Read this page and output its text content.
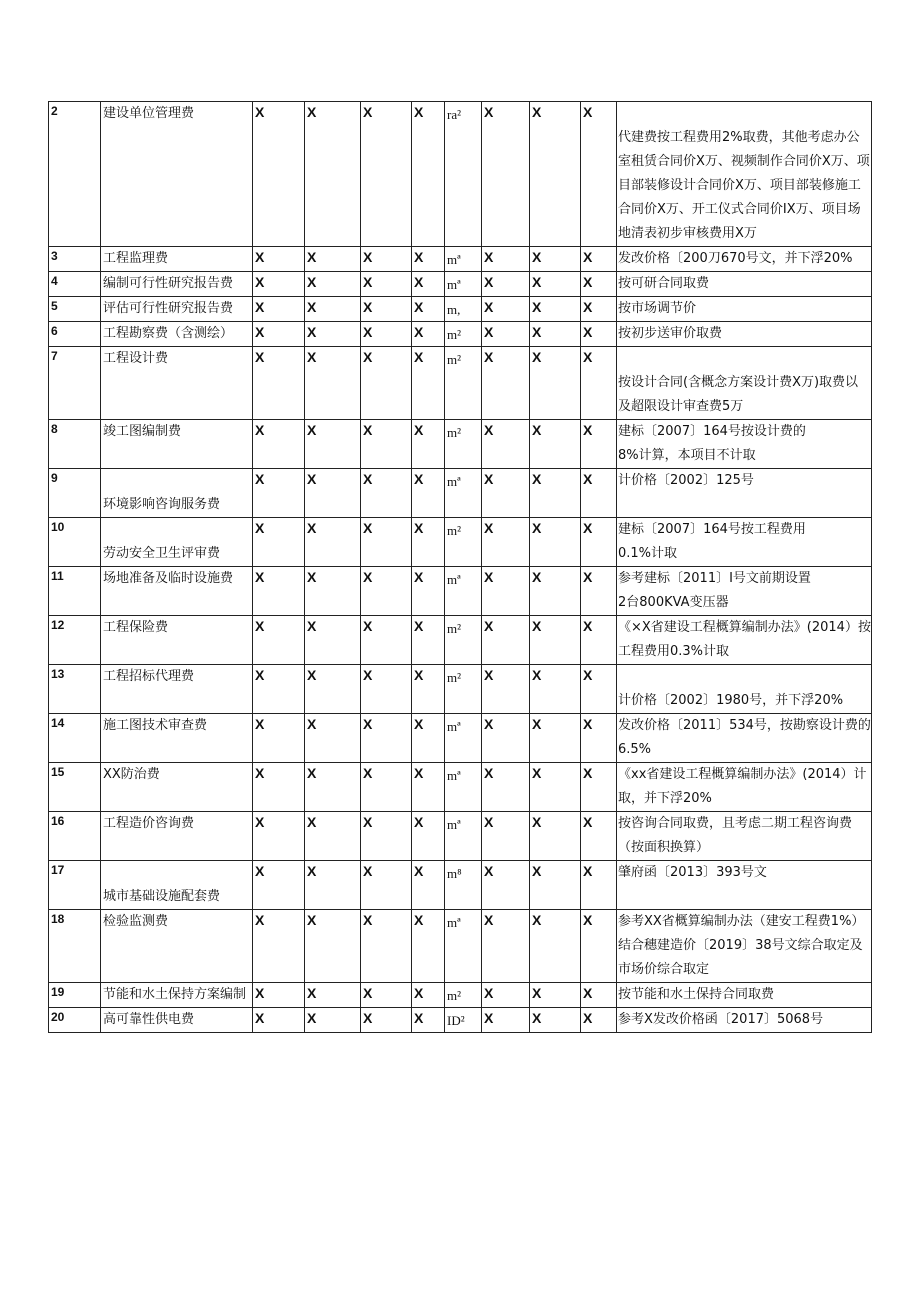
2	建设单位管理费	X	X	X	X	ra²	X	X	X	代建费按工程费用2%取费，其他考虑办公室租赁合同价X万、视频制作合同价X万、项目部装修设计合同价X万、项目部装修施工合同价X万、开工仪式合同价IX万、项目场地清表初步审核费用X万
3	工程监理费	X	X	X	X	mª	X	X	X	发改价格〔200刀670号文，并下浮20%
4	编制可行性研究报告费	X	X	X	X	mª	X	X	X	按可研合同取费
5	评估可行性研究报告费	X	X	X	X	m,	X	X	X	按市场调节价
6	工程勘察费（含测绘）	X	X	X	X	m²	X	X	X	按初步送审价取费
7	工程设计费	X	X	X	X	m²	X	X	X	按设计合同(含概念方案设计费X万)取费以及超限设计审查费5万
8	竣工图编制费	X	X	X	X	m²	X	X	X	建标〔2007〕164号按设计费的
8%计算，本项目不计取
9	环境影响咨询服务费	X	X	X	X	mª	X	X	X	计价格〔2002〕125号
10	劳动安全卫生评审费	X	X	X	X	m²	X	X	X	建标〔2007〕164号按工程费用
0.1%计取
11	场地准备及临时设施费	X	X	X	X	mª	X	X	X	参考建标〔2011〕I号文前期设置
2台800KVA变压器
12	工程保险费	X	X	X	X	m²	X	X	X	《×X省建设工程概算编制办法》(2014）按工程费用0.3%计取
13	工程招标代理费	X	X	X	X	m²	X	X	X	计价格〔2002〕1980号，并下浮20%
14	施工图技术审查费	X	X	X	X	mª	X	X	X	发改价格〔2011〕534号，按勘察设计费的6.5%
15	XX防治费	X	X	X	X	mª	X	X	X	《xx省建设工程概算编制办法》(2014）计取，并下浮20%
16	工程造价咨询费	X	X	X	X	mª	X	X	X	按咨询合同取费，且考虑二期工程咨询费（按面积换算）
17	城市基础设施配套费	X	X	X	X	m⁸	X	X	X	肇府函〔2013〕393号文
18	检验监测费	X	X	X	X	mª	X	X	X	参考XX省概算编制办法（建安工程费1%）结合穗建造价〔2019〕38号文综合取定及市场价综合取定
19	节能和水土保持方案编制	X	X	X	X	m²	X	X	X	按节能和水土保持合同取费
20	高可靠性供电费	X	X	X	X	ID²	X	X	X	参考X发改价格函〔2017〕5068号
